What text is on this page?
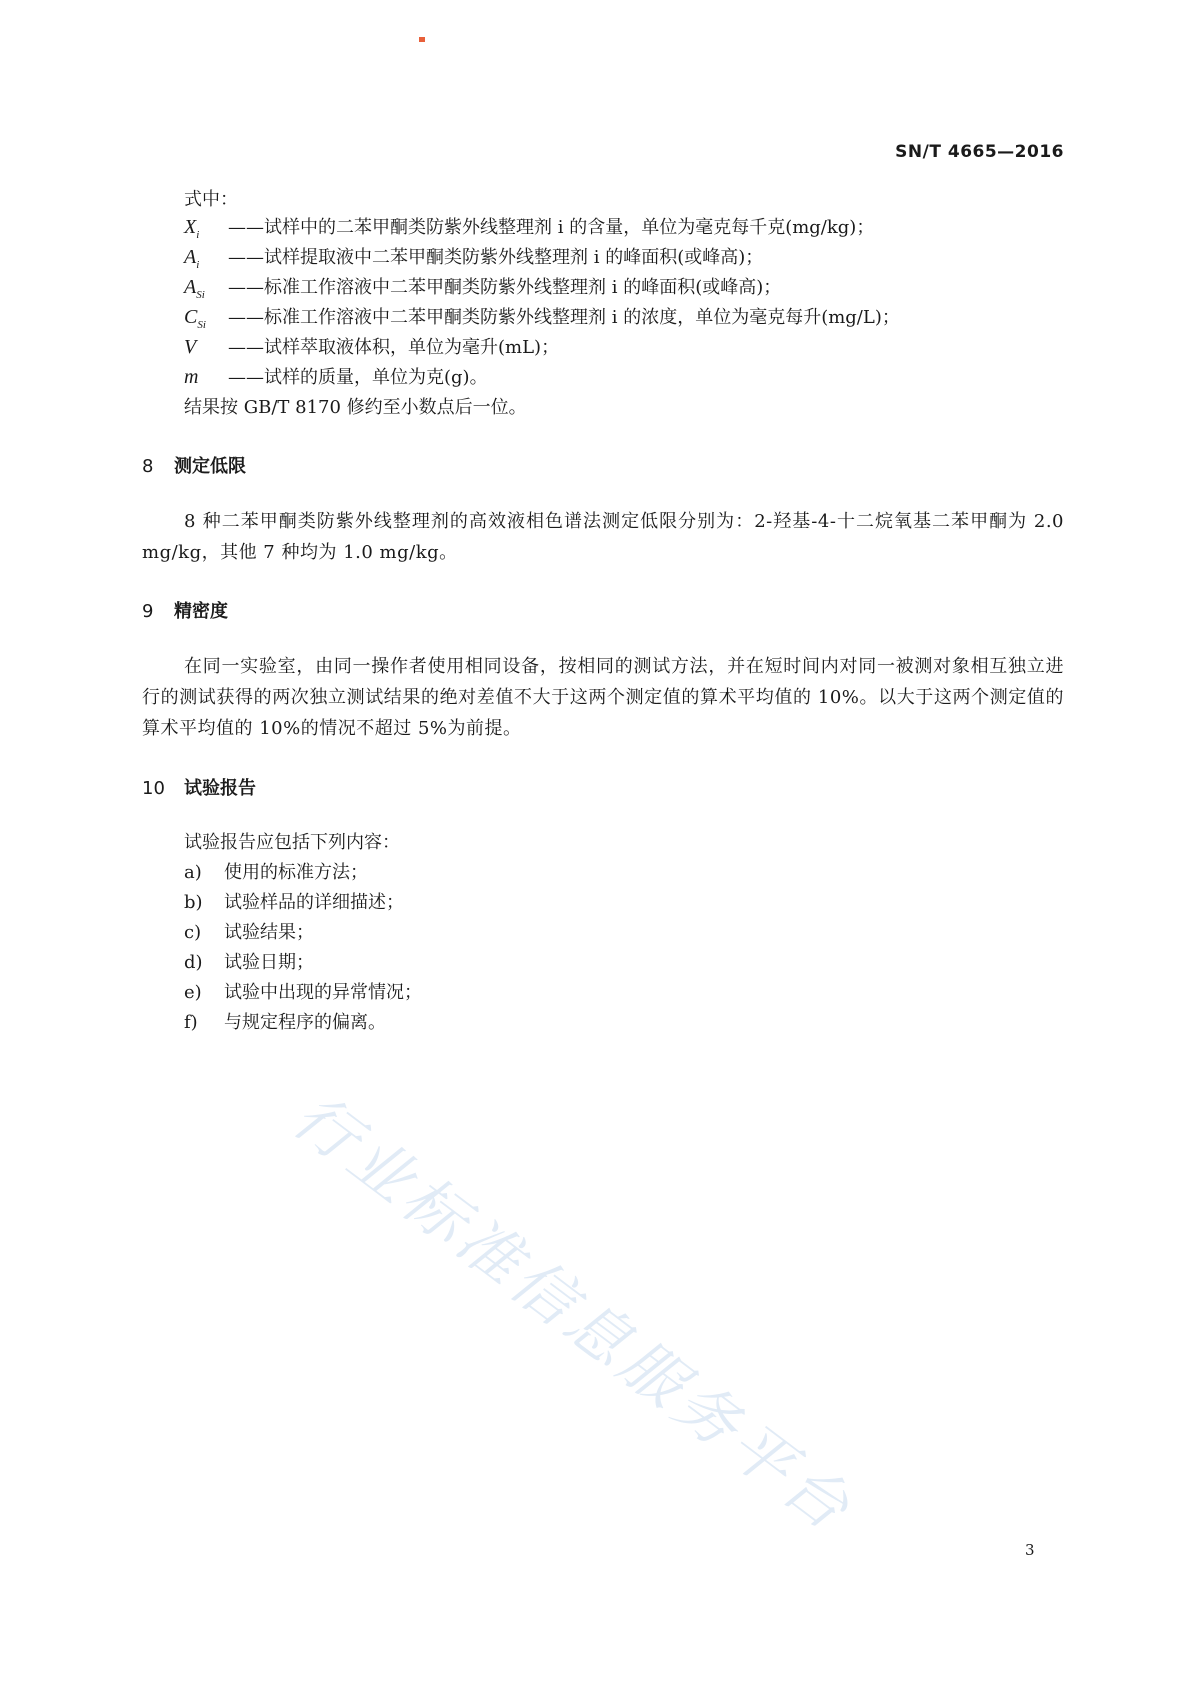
SN/T 4665—2016
式中：
$X_i$ ——试样中的二苯甲酮类防紫外线整理剂 i 的含量，单位为毫克每千克(mg/kg)；
$A_i$ ——试样提取液中二苯甲酮类防紫外线整理剂 i 的峰面积(或峰高)；
$A_{Si}$ ——标准工作溶液中二苯甲酮类防紫外线整理剂 i 的峰面积(或峰高)；
$C_{Si}$ ——标准工作溶液中二苯甲酮类防紫外线整理剂 i 的浓度，单位为毫克每升(mg/L)；
V ——试样萃取液体积，单位为毫升(mL)；
m ——试样的质量，单位为克(g)。
结果按 GB/T 8170 修约至小数点后一位。
8 测定低限
8 种二苯甲酮类防紫外线整理剂的高效液相色谱法测定低限分别为：2-羟基-4-十二烷氧基二苯甲酮为 2.0 mg/kg，其他 7 种均为 1.0 mg/kg。
9 精密度
在同一实验室，由同一操作者使用相同设备，按相同的测试方法，并在短时间内对同一被测对象相互独立进行的测试获得的两次独立测试结果的绝对差值不大于这两个测定值的算术平均值的 10%。以大于这两个测定值的算术平均值的 10%的情况不超过 5%为前提。
10 试验报告
试验报告应包括下列内容：
a) 使用的标准方法；
b) 试验样品的详细描述；
c) 试验结果；
d) 试验日期；
e) 试验中出现的异常情况；
f) 与规定程序的偏离。
行业标准信息服务平台
3
